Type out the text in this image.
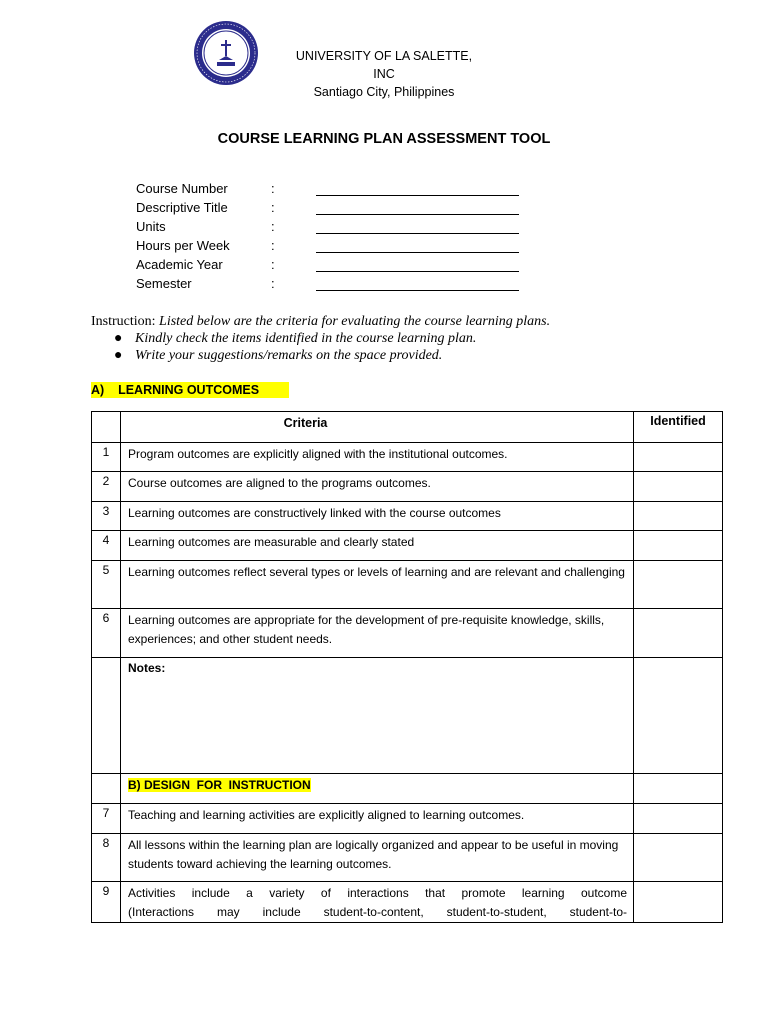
UNIVERSITY OF LA SALETTE, INC
Santiago City, Philippines
COURSE LEARNING PLAN ASSESSMENT TOOL
Course Number	:
Descriptive Title	:
Units	:
Hours per Week	:
Academic Year	:
Semester	:
Instruction: Listed below are the criteria for evaluating the course learning plans.
● Kindly check the items identified in the course learning plan.
● Write your suggestions/remarks on the space provided.
A)    LEARNING OUTCOMES
	Criteria	Identified
1	Program outcomes are explicitly aligned with the institutional outcomes.	
2	Course outcomes are aligned to the programs outcomes.	
3	Learning outcomes are constructively linked with the course outcomes	
4	Learning outcomes are measurable and clearly stated	
5	Learning outcomes reflect several types or levels of learning and are relevant and challenging	
6	Learning outcomes are appropriate for the development of pre-requisite knowledge, skills, experiences; and other student needs.	
	Notes:	
	B) DESIGN  FOR  INSTRUCTION	
7	Teaching and learning activities are explicitly aligned to learning outcomes.	
8	All lessons within the learning plan are logically organized and appear to be useful in moving students toward achieving the learning outcomes.	
9	Activities include a variety of interactions that promote learning outcome
(Interactions may include student-to-content, student-to-student, student-to-	
